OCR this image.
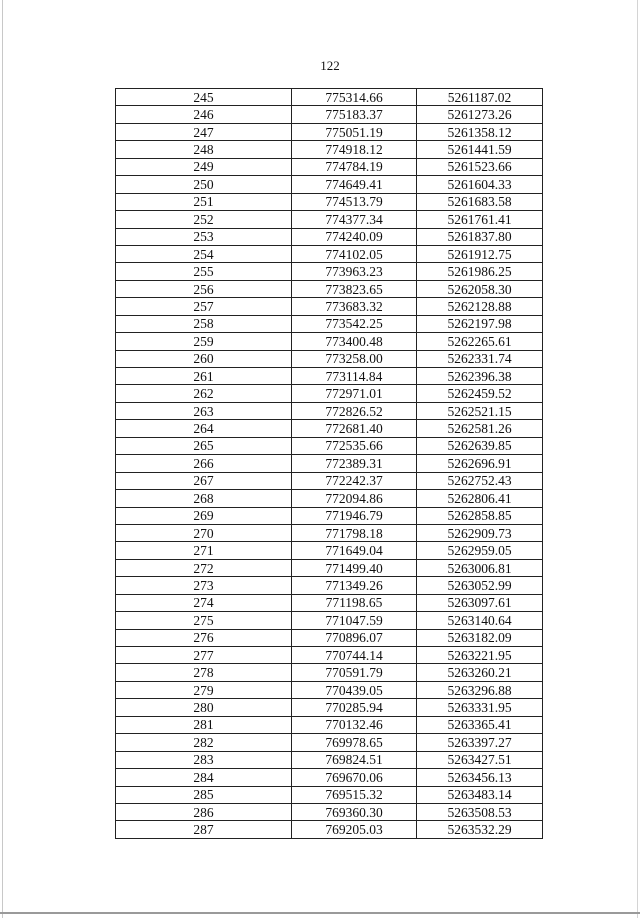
122
245	775314.66	5261187.02
246	775183.37	5261273.26
247	775051.19	5261358.12
248	774918.12	5261441.59
249	774784.19	5261523.66
250	774649.41	5261604.33
251	774513.79	5261683.58
252	774377.34	5261761.41
253	774240.09	5261837.80
254	774102.05	5261912.75
255	773963.23	5261986.25
256	773823.65	5262058.30
257	773683.32	5262128.88
258	773542.25	5262197.98
259	773400.48	5262265.61
260	773258.00	5262331.74
261	773114.84	5262396.38
262	772971.01	5262459.52
263	772826.52	5262521.15
264	772681.40	5262581.26
265	772535.66	5262639.85
266	772389.31	5262696.91
267	772242.37	5262752.43
268	772094.86	5262806.41
269	771946.79	5262858.85
270	771798.18	5262909.73
271	771649.04	5262959.05
272	771499.40	5263006.81
273	771349.26	5263052.99
274	771198.65	5263097.61
275	771047.59	5263140.64
276	770896.07	5263182.09
277	770744.14	5263221.95
278	770591.79	5263260.21
279	770439.05	5263296.88
280	770285.94	5263331.95
281	770132.46	5263365.41
282	769978.65	5263397.27
283	769824.51	5263427.51
284	769670.06	5263456.13
285	769515.32	5263483.14
286	769360.30	5263508.53
287	769205.03	5263532.29
